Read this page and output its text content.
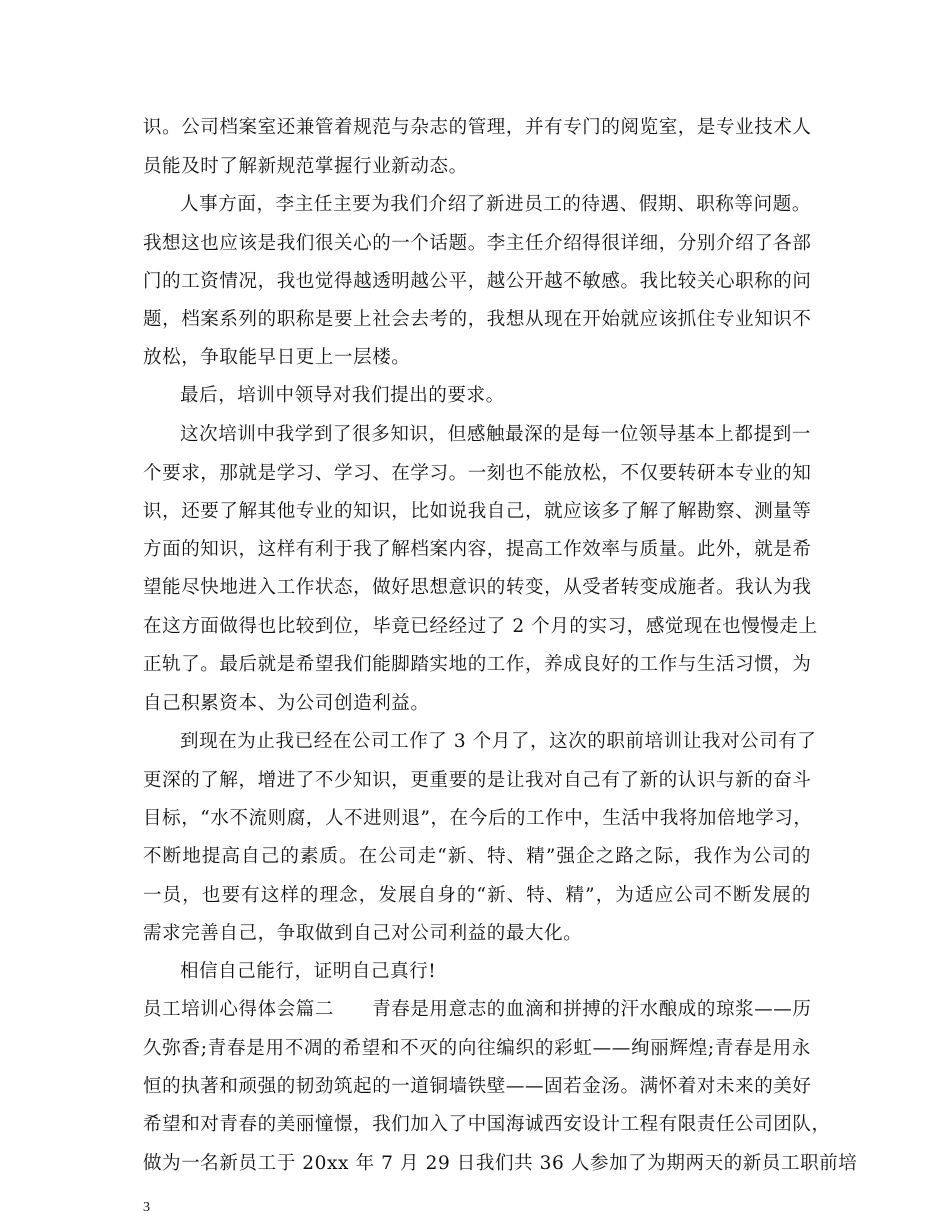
识。公司档案室还兼管着规范与杂志的管理，并有专门的阅览室，是专业技术人
员能及时了解新规范掌握行业新动态。
人事方面，李主任主要为我们介绍了新进员工的待遇、假期、职称等问题。
我想这也应该是我们很关心的一个话题。李主任介绍得很详细，分别介绍了各部
门的工资情况，我也觉得越透明越公平，越公开越不敏感。我比较关心职称的问
题，档案系列的职称是要上社会去考的，我想从现在开始就应该抓住专业知识不
放松，争取能早日更上一层楼。
最后，培训中领导对我们提出的要求。
这次培训中我学到了很多知识，但感触最深的是每一位领导基本上都提到一
个要求，那就是学习、学习、在学习。一刻也不能放松，不仅要转研本专业的知
识，还要了解其他专业的知识，比如说我自己，就应该多了解了解勘察、测量等
方面的知识，这样有利于我了解档案内容，提高工作效率与质量。此外，就是希
望能尽快地进入工作状态，做好思想意识的转变，从受者转变成施者。我认为我
在这方面做得也比较到位，毕竟已经经过了 2 个月的实习，感觉现在也慢慢走上
正轨了。最后就是希望我们能脚踏实地的工作，养成良好的工作与生活习惯，为
自己积累资本、为公司创造利益。
到现在为止我已经在公司工作了 3 个月了，这次的职前培训让我对公司有了
更深的了解，增进了不少知识，更重要的是让我对自己有了新的认识与新的奋斗
目标，“水不流则腐，人不进则退”，在今后的工作中，生活中我将加倍地学习，
不断地提高自己的素质。在公司走“新、特、精”强企之路之际，我作为公司的
一员，也要有这样的理念，发展自身的“新、特、精”，为适应公司不断发展的
需求完善自己，争取做到自己对公司利益的最大化。
相信自己能行，证明自己真行!
员工培训心得体会篇二　　青春是用意志的血滴和拼搏的汗水酿成的琼浆——历
久弥香;青春是用不凋的希望和不灭的向往编织的彩虹——绚丽辉煌;青春是用永
恒的执著和顽强的韧劲筑起的一道铜墙铁壁——固若金汤。满怀着对未来的美好
希望和对青春的美丽憧憬，我们加入了中国海诚西安设计工程有限责任公司团队，
做为一名新员工于 20xx 年 7 月 29 日我们共 36 人参加了为期两天的新员工职前培
3
